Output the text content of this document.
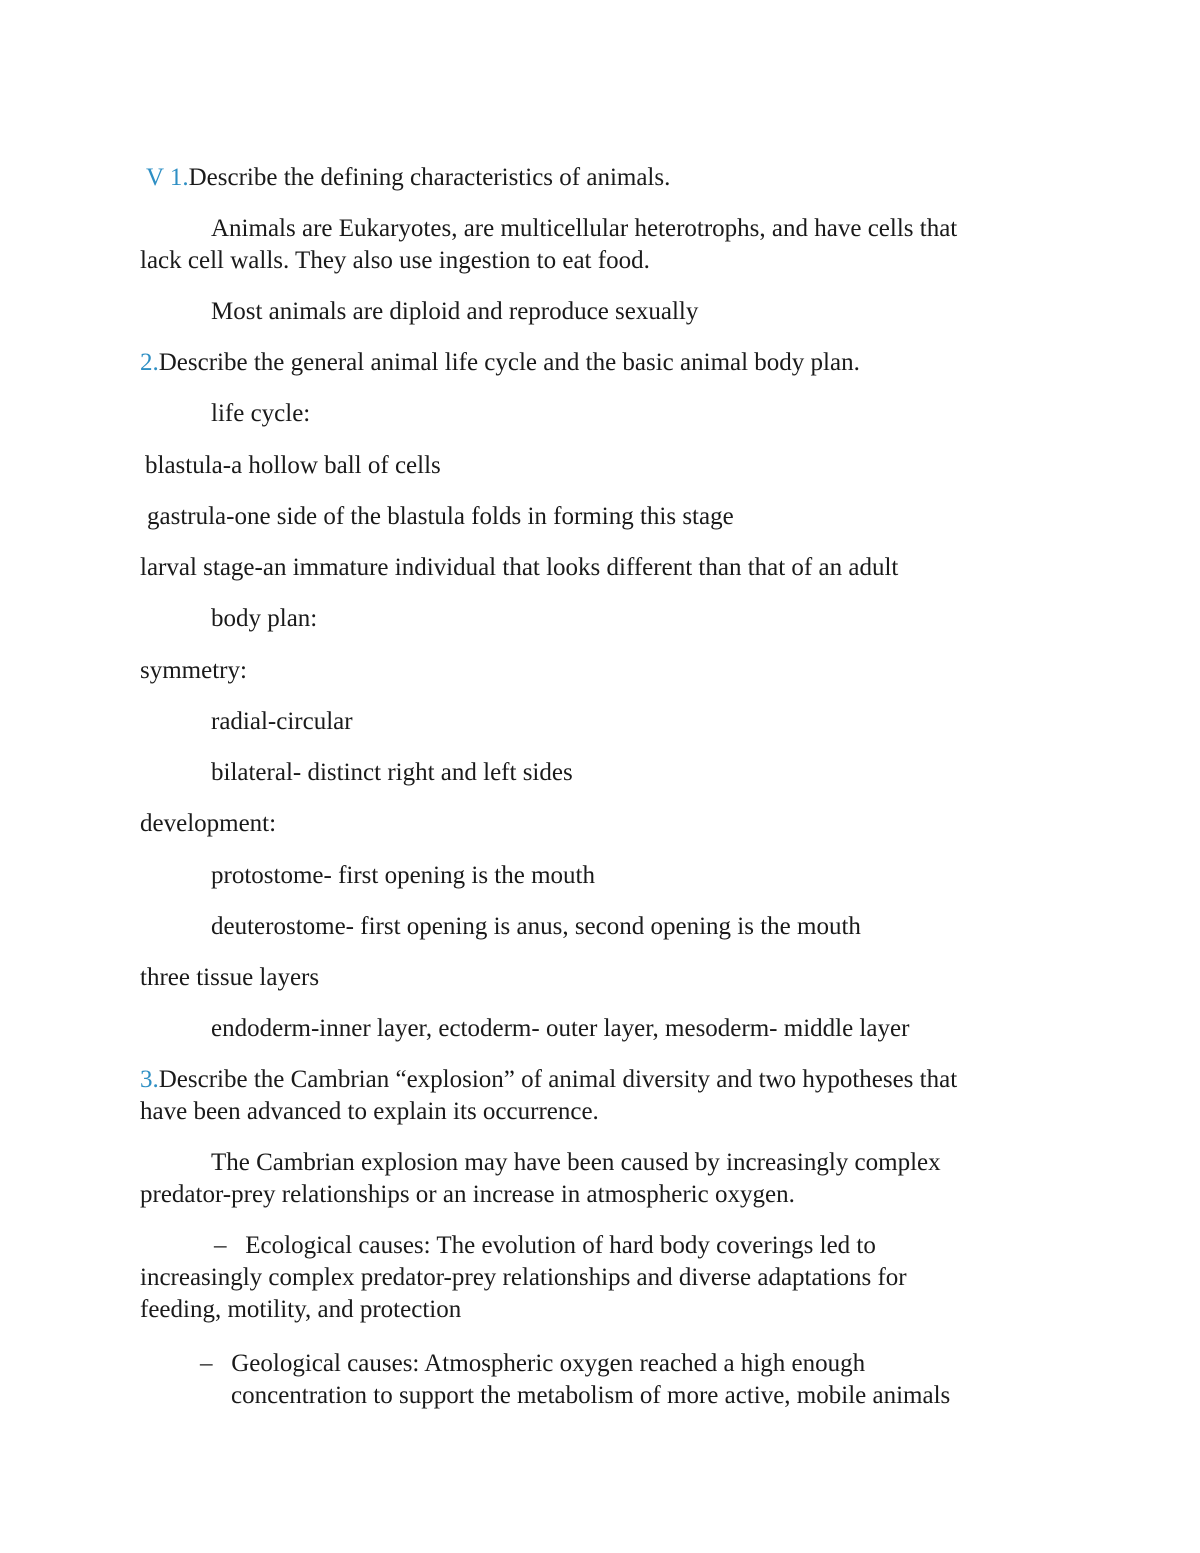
V 1.Describe the defining characteristics of animals.
Animals are Eukaryotes, are multicellular heterotrophs, and have cells that
lack cell walls. They also use ingestion to eat food.
Most animals are diploid and reproduce sexually
2.Describe the general animal life cycle and the basic animal body plan.
life cycle:
blastula-a hollow ball of cells
gastrula-one side of the blastula folds in forming this stage
larval stage-an immature individual that looks different than that of an adult
body plan:
symmetry:
radial-circular
bilateral- distinct right and left sides
development:
protostome- first opening is the mouth
deuterostome- first opening is anus, second opening is the mouth
three tissue layers
endoderm-inner layer, ectoderm- outer layer, mesoderm- middle layer
3.Describe the Cambrian “explosion” of animal diversity and two hypotheses that
have been advanced to explain its occurrence.
The Cambrian explosion may have been caused by increasingly complex
predator-prey relationships or an increase in atmospheric oxygen.
– Ecological causes: The evolution of hard body coverings led to
increasingly complex predator-prey relationships and diverse adaptations for
feeding, motility, and protection
– Geological causes: Atmospheric oxygen reached a high enough
concentration to support the metabolism of more active, mobile animals
